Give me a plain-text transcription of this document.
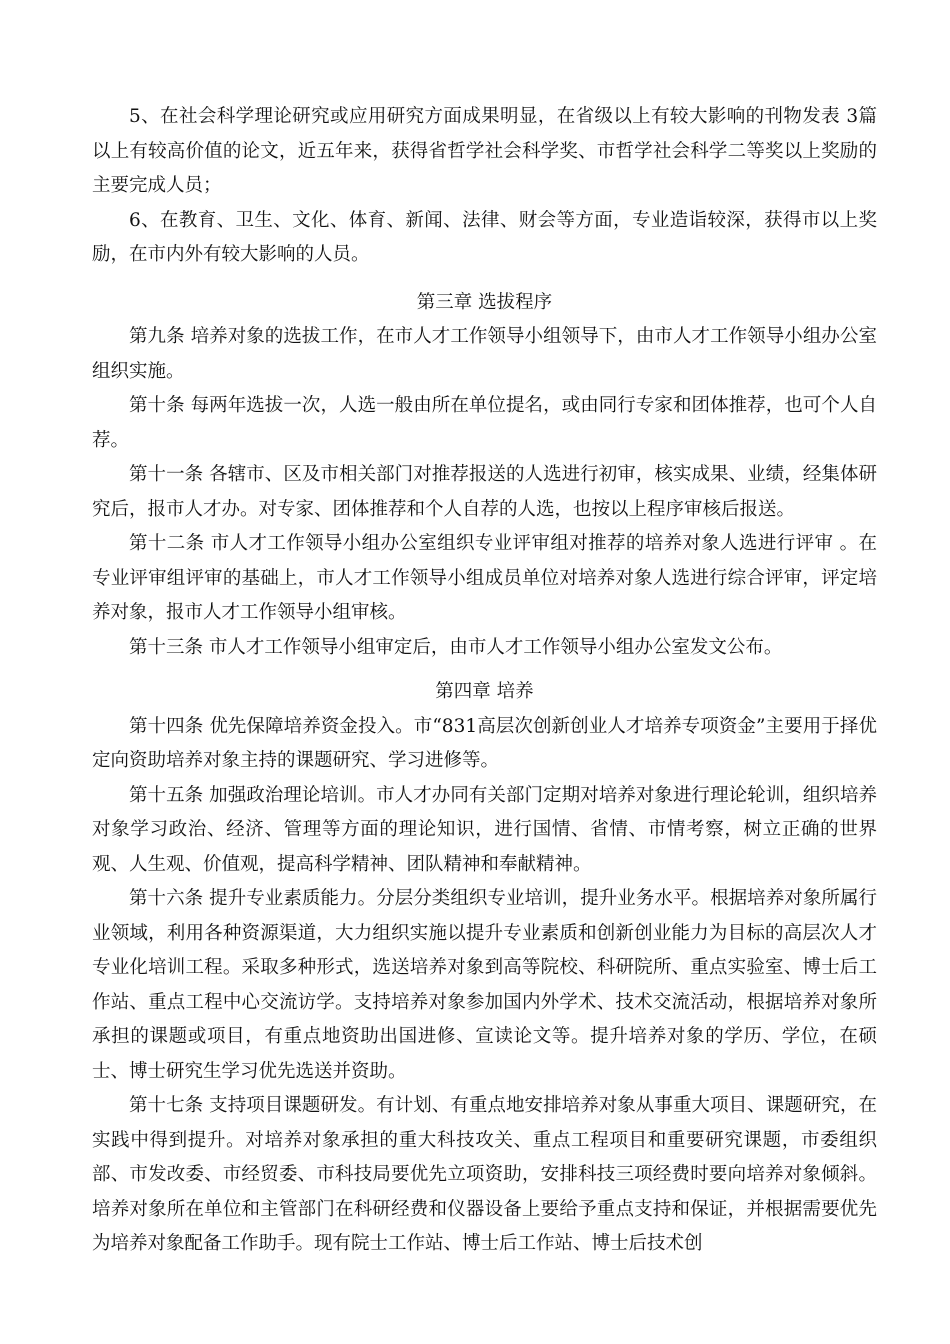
5、在社会科学理论研究或应用研究方面成果明显，在省级以上有较大影响的刊物发表 3篇以上有较高价值的论文，近五年来，获得省哲学社会科学奖、市哲学社会科学二等奖以上奖励的主要完成人员；

6、在教育、卫生、文化、体育、新闻、法律、财会等方面，专业造诣较深，获得市以上奖励，在市内外有较大影响的人员。

第三章 选拔程序

第九条 培养对象的选拔工作，在市人才工作领导小组领导下，由市人才工作领导小组办公室组织实施。

第十条 每两年选拔一次，人选一般由所在单位提名，或由同行专家和团体推荐，也可个人自荐。

第十一条 各辖市、区及市相关部门对推荐报送的人选进行初审，核实成果、业绩，经集体研究后，报市人才办。对专家、团体推荐和个人自荐的人选，也按以上程序审核后报送。

第十二条 市人才工作领导小组办公室组织专业评审组对推荐的培养对象人选进行评审 。在专业评审组评审的基础上，市人才工作领导小组成员单位对培养对象人选进行综合评审，评定培养对象，报市人才工作领导小组审核。

第十三条 市人才工作领导小组审定后，由市人才工作领导小组办公室发文公布。

第四章 培养

第十四条 优先保障培养资金投入。市“831高层次创新创业人才培养专项资金”主要用于择优定向资助培养对象主持的课题研究、学习进修等。

第十五条 加强政治理论培训。市人才办同有关部门定期对培养对象进行理论轮训，组织培养对象学习政治、经济、管理等方面的理论知识，进行国情、省情、市情考察，树立正确的世界观、人生观、价值观，提高科学精神、团队精神和奉献精神。

第十六条 提升专业素质能力。分层分类组织专业培训，提升业务水平。根据培养对象所属行业领域，利用各种资源渠道，大力组织实施以提升专业素质和创新创业能力为目标的高层次人才专业化培训工程。采取多种形式，选送培养对象到高等院校、科研院所、重点实验室、博士后工作站、重点工程中心交流访学。支持培养对象参加国内外学术、技术交流活动，根据培养对象所承担的课题或项目，有重点地资助出国进修、宣读论文等。提升培养对象的学历、学位，在硕士、博士研究生学习优先选送并资助。

第十七条 支持项目课题研发。有计划、有重点地安排培养对象从事重大项目、课题研究，在实践中得到提升。对培养对象承担的重大科技攻关、重点工程项目和重要研究课题，市委组织部、市发改委、市经贸委、市科技局要优先立项资助，安排科技三项经费时要向培养对象倾斜。培养对象所在单位和主管部门在科研经费和仪器设备上要给予重点支持和保证，并根据需要优先为培养对象配备工作助手。现有院士工作站、博士后工作站、博士后技术创
